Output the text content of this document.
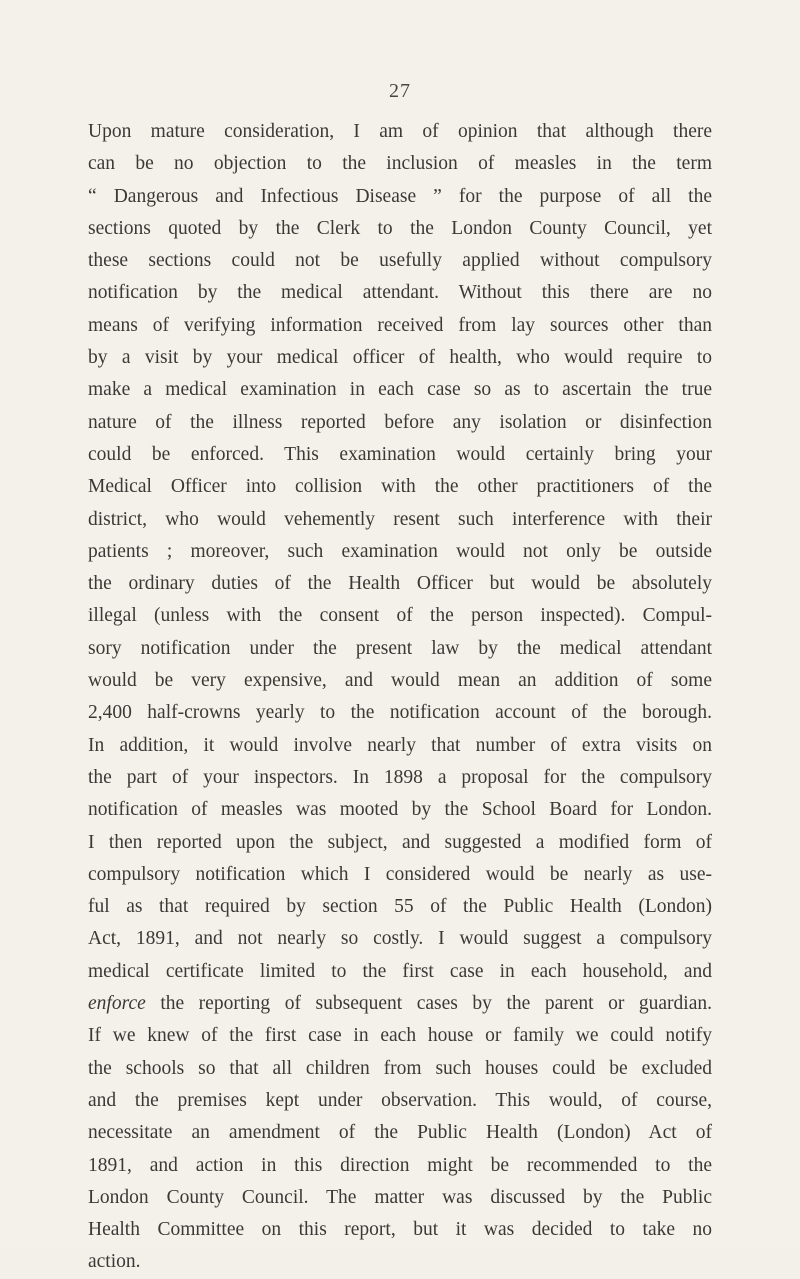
27
Upon mature consideration, I am of opinion that although there
can be no objection to the inclusion of measles in the term
“ Dangerous and Infectious Disease ” for the purpose of all the
sections quoted by the Clerk to the London County Council, yet
these sections could not be usefully applied without compulsory
notification by the medical attendant. Without this there are no
means of verifying information received from lay sources other than
by a visit by your medical officer of health, who would require to
make a medical examination in each case so as to ascertain the true
nature of the illness reported before any isolation or disinfection
could be enforced. This examination would certainly bring your
Medical Officer into collision with the other practitioners of the
district, who would vehemently resent such interference with their
patients ; moreover, such examination would not only be outside
the ordinary duties of the Health Officer but would be absolutely
illegal (unless with the consent of the person inspected). Compul-
sory notification under the present law by the medical attendant
would be very expensive, and would mean an addition of some
2,400 half-crowns yearly to the notification account of the borough.
In addition, it would involve nearly that number of extra visits on
the part of your inspectors. In 1898 a proposal for the compulsory
notification of measles was mooted by the School Board for London.
I then reported upon the subject, and suggested a modified form of
compulsory notification which I considered would be nearly as use-
ful as that required by section 55 of the Public Health (London)
Act, 1891, and not nearly so costly. I would suggest a compulsory
medical certificate limited to the first case in each household, and
enforce the reporting of subsequent cases by the parent or guardian.
If we knew of the first case in each house or family we could notify
the schools so that all children from such houses could be excluded
and the premises kept under observation. This would, of course,
necessitate an amendment of the Public Health (London) Act of
1891, and action in this direction might be recommended to the
London County Council. The matter was discussed by the Public
Health Committee on this report, but it was decided to take no
action.
